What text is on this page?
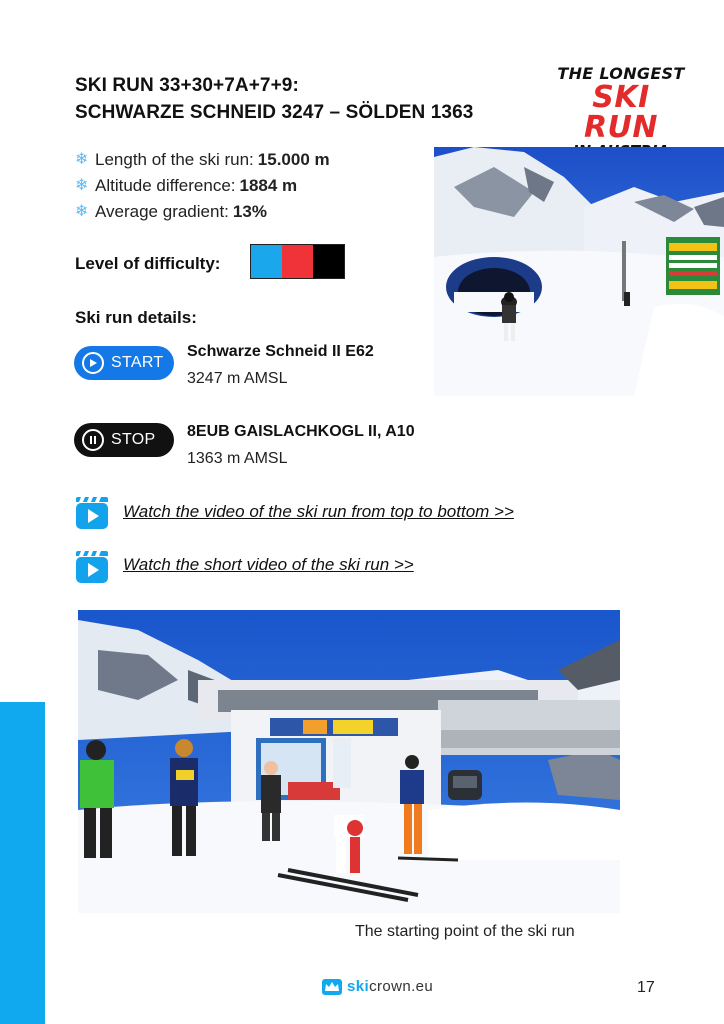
SKI RUN 33+30+7A+7+9:
SCHWARZE SCHNEID 3247 – SÖLDEN 1363
THE LONGEST
SKI RUN
❄ Length of the ski run: 15.000 m
❄ Altitude difference: 1884 m
❄ Average gradient: 13%
Level of difficulty:
Ski run details:
START
Schwarze Schneid II E62
3247 m AMSL
STOP 8EUB GAISLACHKOGL II, A10
1363 m AMSL
Watch the video of the ski run from top to bottom >>
Watch the short video of the ski run >>
The starting point of the ski run
ski crown.eu	17
